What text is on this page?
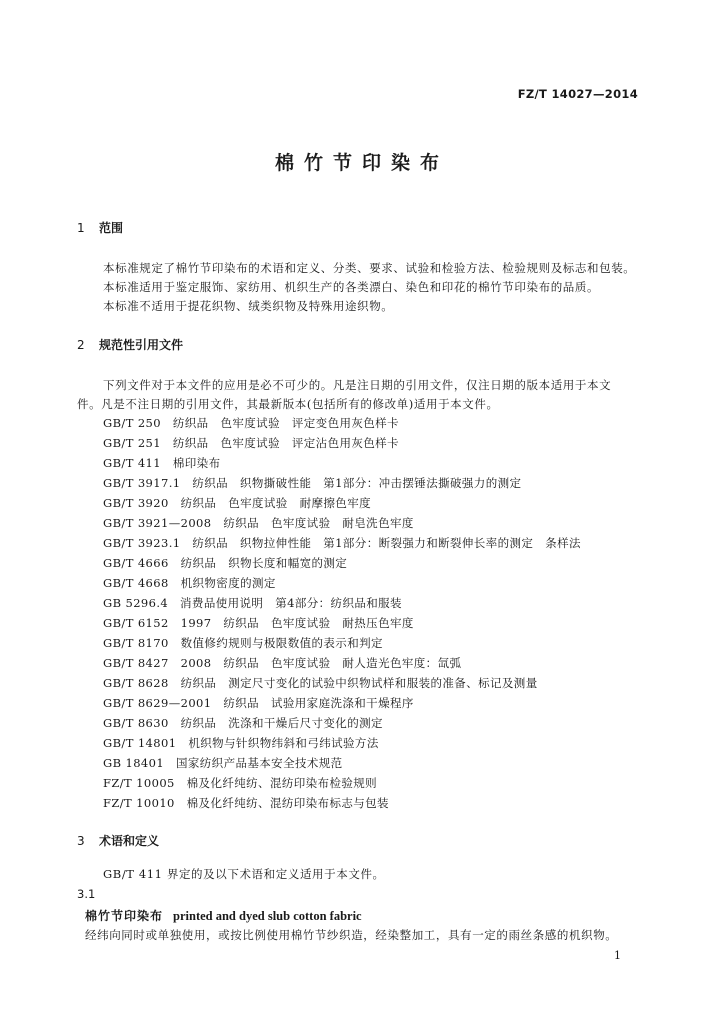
FZ/T 14027—2014
棉竹节印染布
1 范围
本标准规定了棉竹节印染布的术语和定义、分类、要求、试验和检验方法、检验规则及标志和包装。
本标准适用于鉴定服饰、家纺用、机织生产的各类漂白、染色和印花的棉竹节印染布的品质。
本标准不适用于提花织物、绒类织物及特殊用途织物。
2 规范性引用文件
下列文件对于本文件的应用是必不可少的。凡是注日期的引用文件，仅注日期的版本适用于本文
件。凡是不注日期的引用文件，其最新版本(包括所有的修改单)适用于本文件。
GB/T 250　纺织品　色牢度试验　评定变色用灰色样卡
GB/T 251　纺织品　色牢度试验　评定沾色用灰色样卡
GB/T 411　棉印染布
GB/T 3917.1　纺织品　织物撕破性能　第1部分：冲击摆锤法撕破强力的测定
GB/T 3920　纺织品　色牢度试验　耐摩擦色牢度
GB/T 3921—2008　纺织品　色牢度试验　耐皂洗色牢度
GB/T 3923.1　纺织品　织物拉伸性能　第1部分：断裂强力和断裂伸长率的测定　条样法
GB/T 4666　纺织品　织物长度和幅宽的测定
GB/T 4668　机织物密度的测定
GB 5296.4　消费品使用说明　第4部分：纺织品和服装
GB/T 6152　1997　纺织品　色牢度试验　耐热压色牢度
GB/T 8170　数值修约规则与极限数值的表示和判定
GB/T 8427　2008　纺织品　色牢度试验　耐人造光色牢度：氙弧
GB/T 8628　纺织品　测定尺寸变化的试验中织物试样和服装的准备、标记及测量
GB/T 8629—2001　纺织品　试验用家庭洗涤和干燥程序
GB/T 8630　纺织品　洗涤和干燥后尺寸变化的测定
GB/T 14801　机织物与针织物纬斜和弓纬试验方法
GB 18401　国家纺织产品基本安全技术规范
FZ/T 10005　棉及化纤纯纺、混纺印染布检验规则
FZ/T 10010　棉及化纤纯纺、混纺印染布标志与包装
3 术语和定义
GB/T 411 界定的及以下术语和定义适用于本文件。
3.1
棉竹节印染布 printed and dyed slub cotton fabric
经纬向同时或单独使用，或按比例使用棉竹节纱织造，经染整加工，具有一定的雨丝条感的机织物。
1
